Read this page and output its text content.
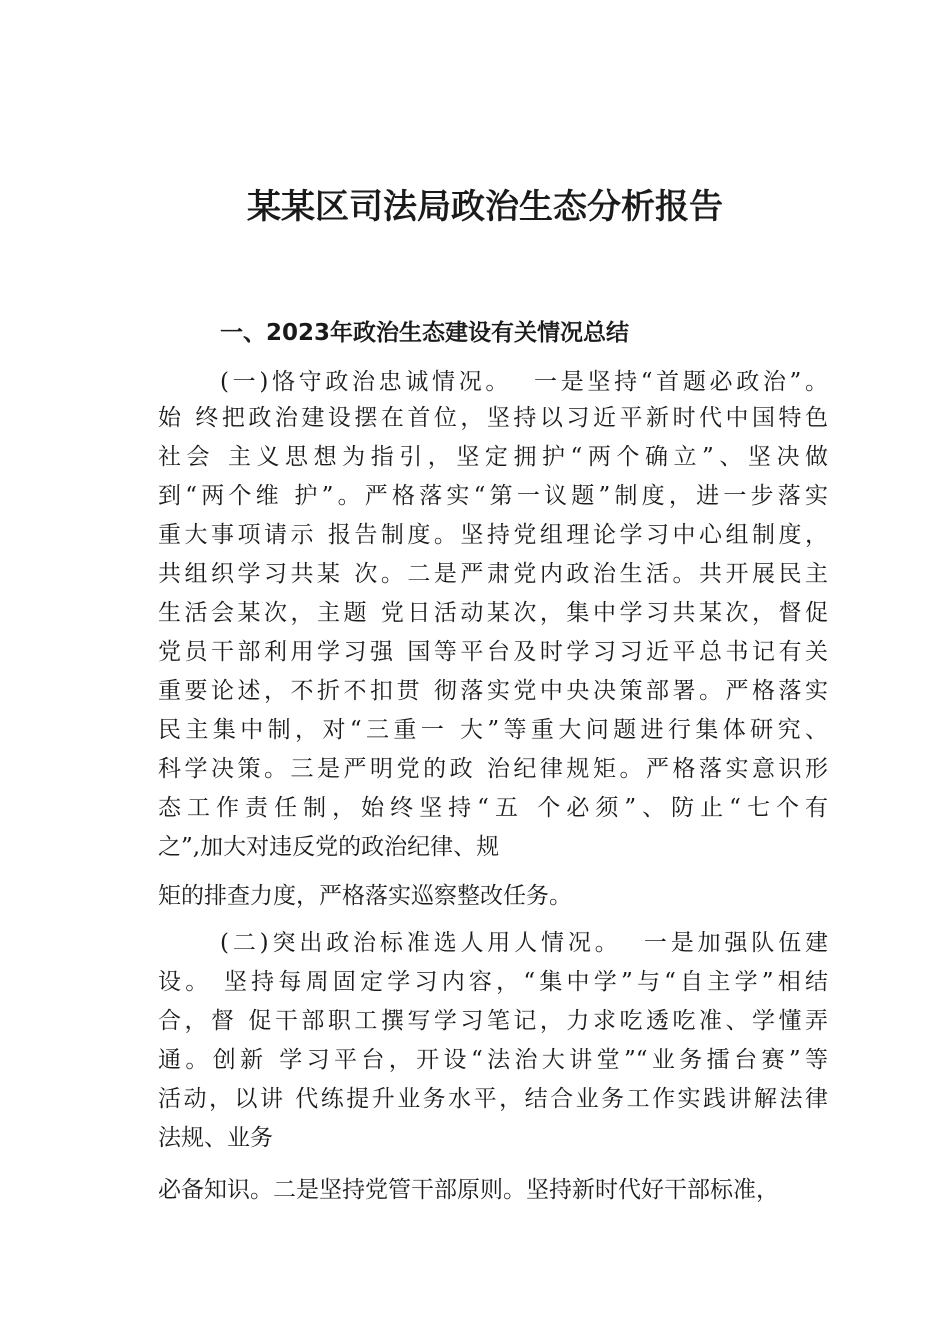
某某区司法局政治生态分析报告
一、2023年政治生态建设有关情况总结
(一)恪守政治忠诚情况。  一是坚持“首题必政治”。
始 终把政治建设摆在首位，坚持以习近平新时代中国特色
社会 主义思想为指引，坚定拥护“两个确立”、坚决做
到“两个维 护”。严格落实“第一议题”制度，进一步落实
重大事项请示 报告制度。坚持党组理论学习中心组制度，
共组织学习共某 次。二是严肃党内政治生活。共开展民主
生活会某次，主题 党日活动某次，集中学习共某次，督促
党员干部利用学习强 国等平台及时学习习近平总书记有关
重要论述，不折不扣贯 彻落实党中央决策部署。严格落实
民主集中制，对“三重一 大”等重大问题进行集体研究、
科学决策。三是严明党的政 治纪律规矩。严格落实意识形
态工作责任制，始终坚持“五 个必须”、防止“七个有
之”,加大对违反党的政治纪律、规
矩的排查力度，严格落实巡察整改任务。
(二)突出政治标准选人用人情况。  一是加强队伍建
设。 坚持每周固定学习内容，“集中学”与“自主学”相结
合，督 促干部职工撰写学习笔记，力求吃透吃准、学懂弄
通。创新 学习平台，开设“法治大讲堂”“业务擂台赛”等
活动，以讲 代练提升业务水平，结合业务工作实践讲解法律
法规、业务
必备知识。二是坚持党管干部原则。坚持新时代好干部标准，
